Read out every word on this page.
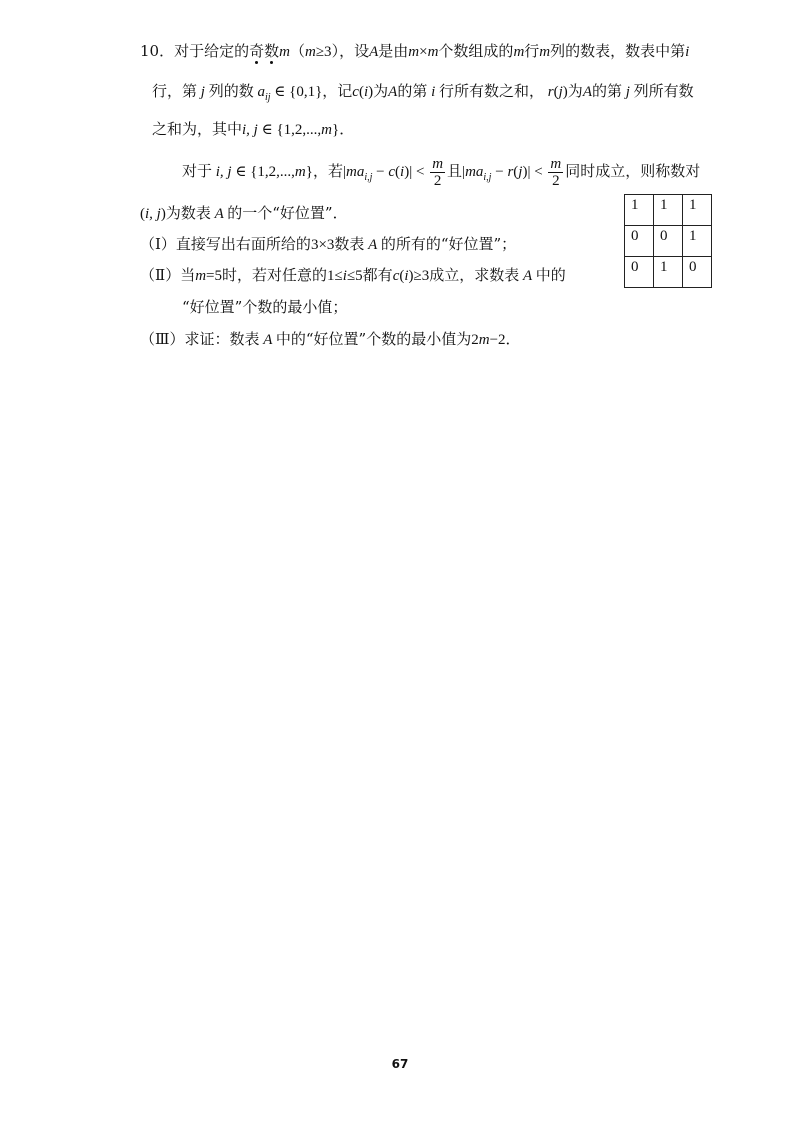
10．对于给定的奇数m（m≥3），设A是由m×m个数组成的m行m列的数表，数表中第i
行，第 j 列的数 $a_{ij}$ ∈ {0,1}，记c(i)为A的第 i 行所有数之和， r(j)为A的第 j 列所有数
之和为，其中i, j ∈ {1,2,...,m}．
对于 i, j ∈ {1,2,...,m}，若$|ma_{i,j} - c(i)| < \frac{m}{2}$ 且$|ma_{i,j} - r(j)| < \frac{m}{2}$ 同时成立，则称数对
(i, j)为数表 A 的一个“好位置”．
（Ⅰ）直接写出右面所给的3×3数表 A 的所有的“好位置”；
（Ⅱ）当m=5时，若对任意的1≤i≤5都有c(i)≥3成立，求数表 A 中的
“好位置”个数的最小值；
（Ⅲ）求证：数表 A 中的“好位置”个数的最小值为2m−2．
1	1	1
0	0	1
0	1	0
67
